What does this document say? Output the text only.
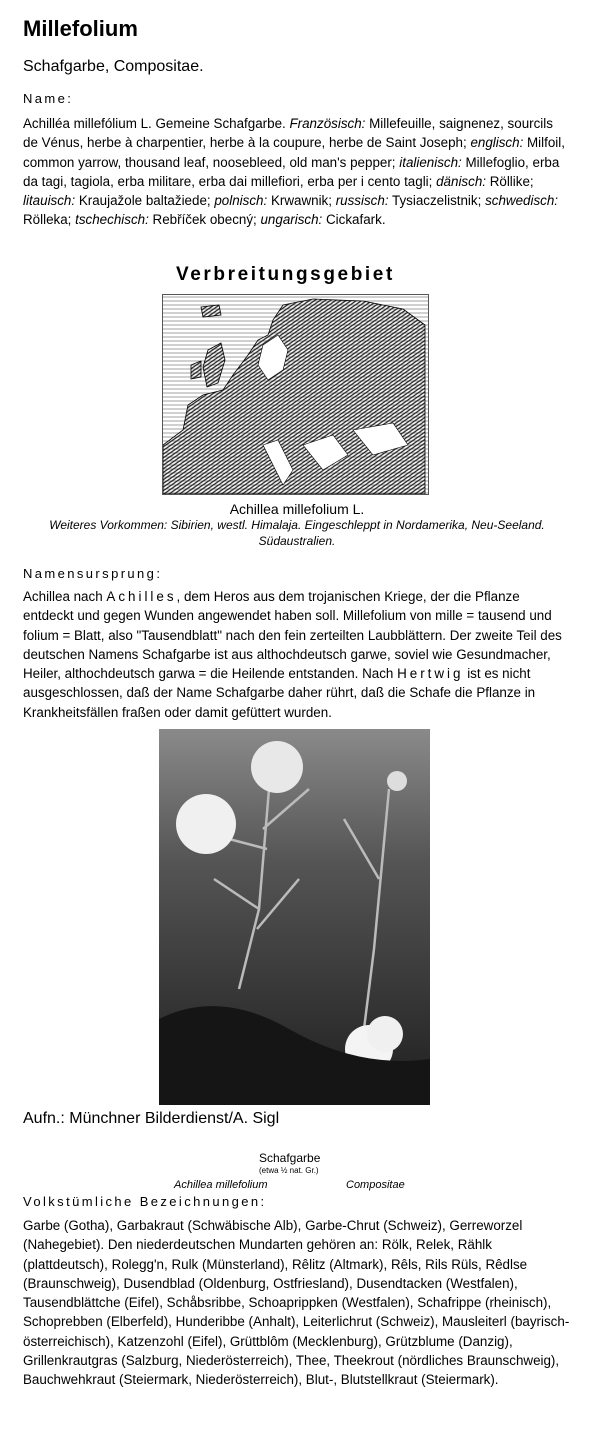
Millefolium
Schafgarbe, Compositae.
Name:
Achilléa millefólium L. Gemeine Schafgarbe. Französisch: Millefeuille, saignenez, sourcils de Vénus, herbe à charpentier, herbe à la coupure, herbe de Saint Joseph; englisch: Milfoil, common yarrow, thousand leaf, noosebleed, old man's pepper; italienisch: Millefoglio, erba da tagi, tagiola, erba militare, erba dai millefiori, erba per i cento tagli; dänisch: Röllike; litauisch: Kraujažole baltažiede; polnisch: Krwawnik; russisch: Tysiaczelistnik; schwedisch: Rölleka; tschechisch: Rebříček obecný; ungarisch: Cickafark.
Verbreitungsgebiet
Achillea millefolium L.
Weiteres Vorkommen: Sibirien, westl. Himalaja. Eingeschleppt in Nordamerika, Neu-Seeland. Südaustralien.
Namensursprung:
Achillea nach Achilles, dem Heros aus dem trojanischen Kriege, der die Pflanze entdeckt und gegen Wunden angewendet haben soll. Millefolium von mille = tausend und folium = Blatt, also "Tausendblatt" nach den fein zerteilten Laubblättern. Der zweite Teil des deutschen Namens Schafgarbe ist aus althochdeutsch garwe, soviel wie Gesundmacher, Heiler, althochdeutsch garwa = die Heilende entstanden. Nach Hertwig ist es nicht ausgeschlossen, daß der Name Schafgarbe daher rührt, daß die Schafe die Pflanze in Krankheitsfällen fraßen oder damit gefüttert wurden.
Aufn.: Münchner Bilderdienst/A. Sigl
Schafgarbe
(etwa ½ nat. Gr.)
Achillea millefolium	Compositae
Volkstümliche Bezeichnungen:
Garbe (Gotha), Garbakraut (Schwäbische Alb), Garbe-Chrut (Schweiz), Gerreworzel (Nahegebiet). Den niederdeutschen Mundarten gehören an: Rölk, Relek, Rählk (plattdeutsch), Rolegg'n, Rulk (Münsterland), Rêlitz (Altmark), Rêls, Rils Rüls, Rêdlse (Braunschweig), Dusendblad (Oldenburg, Ostfriesland), Dusendtacken (Westfalen), Tausendblättche (Eifel), Schåbsribbe, Schoaprippken (Westfalen), Schafrippe (rheinisch), Schoprebben (Elberfeld), Hunderibbe (Anhalt), Leiterlichrut (Schweiz), Mausleiterl (bayrisch-österreichisch), Katzenzohl (Eifel), Grüttblôm (Mecklenburg), Grützblume (Danzig), Grillenkrautgras (Salzburg, Niederösterreich), Thee, Theekrout (nördliches Braunschweig), Bauchwehkraut (Steiermark, Niederösterreich), Blut-, Blutstellkraut (Steiermark).
